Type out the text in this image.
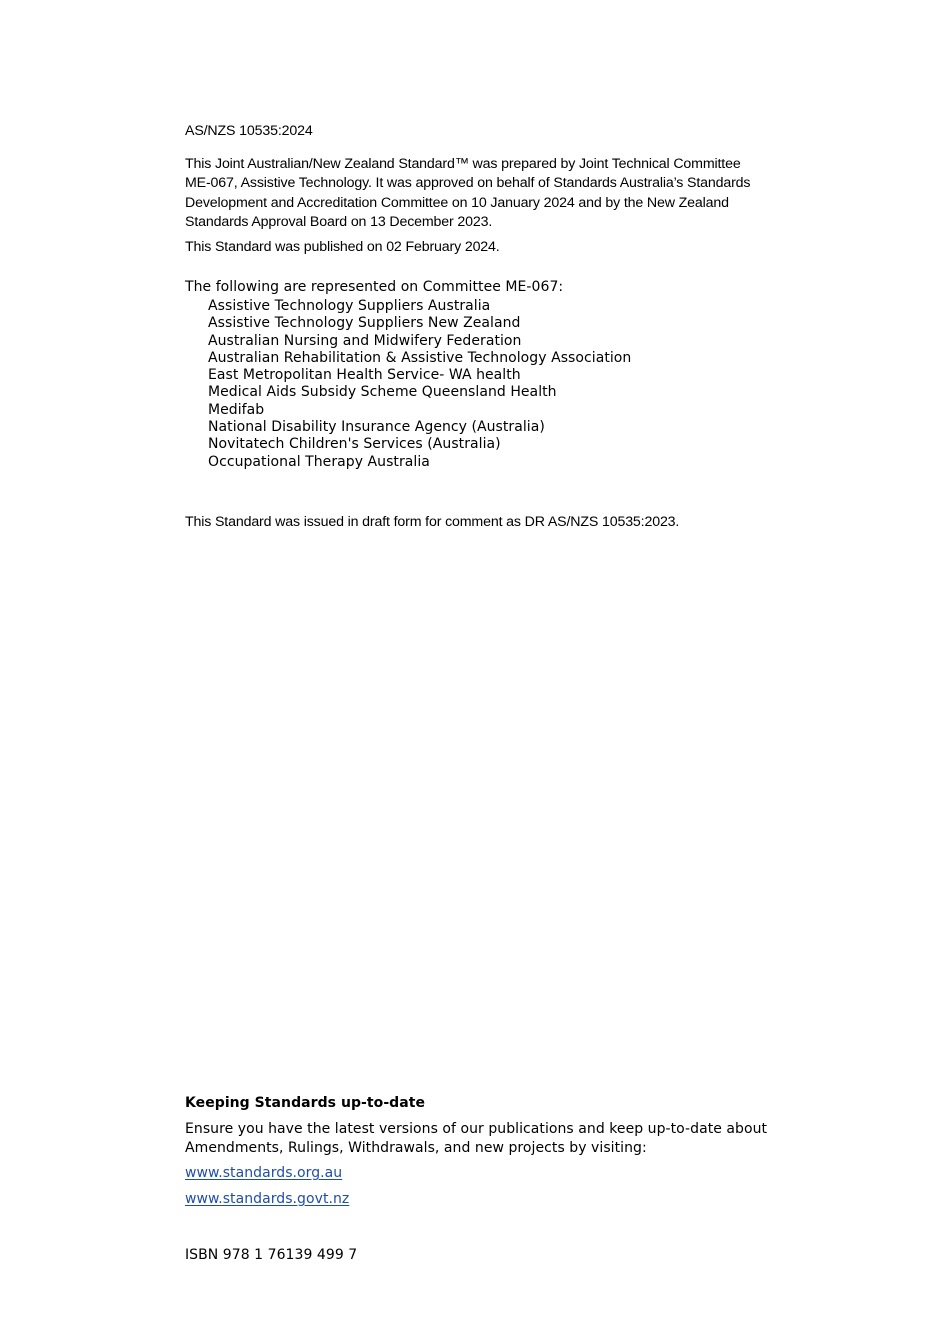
AS/NZS 10535:2024
This Joint Australian/New Zealand Standard™ was prepared by Joint Technical Committee
ME-067, Assistive Technology. It was approved on behalf of Standards Australia’s Standards
Development and Accreditation Committee on 10 January 2024 and by the New Zealand
Standards Approval Board on 13 December 2023.
This Standard was published on 02 February 2024.
The following are represented on Committee ME-067:
Assistive Technology Suppliers Australia
Assistive Technology Suppliers New Zealand
Australian Nursing and Midwifery Federation
Australian Rehabilitation & Assistive Technology Association
East Metropolitan Health Service- WA health
Medical Aids Subsidy Scheme Queensland Health
Medifab
National Disability Insurance Agency (Australia)
Novitatech Children's Services (Australia)
Occupational Therapy Australia
This Standard was issued in draft form for comment as DR AS/NZS 10535:2023.
Keeping Standards up-to-date
Ensure you have the latest versions of our publications and keep up-to-date about
Amendments, Rulings, Withdrawals, and new projects by visiting:
www.standards.org.au
www.standards.govt.nz
ISBN 978 1 76139 499 7
